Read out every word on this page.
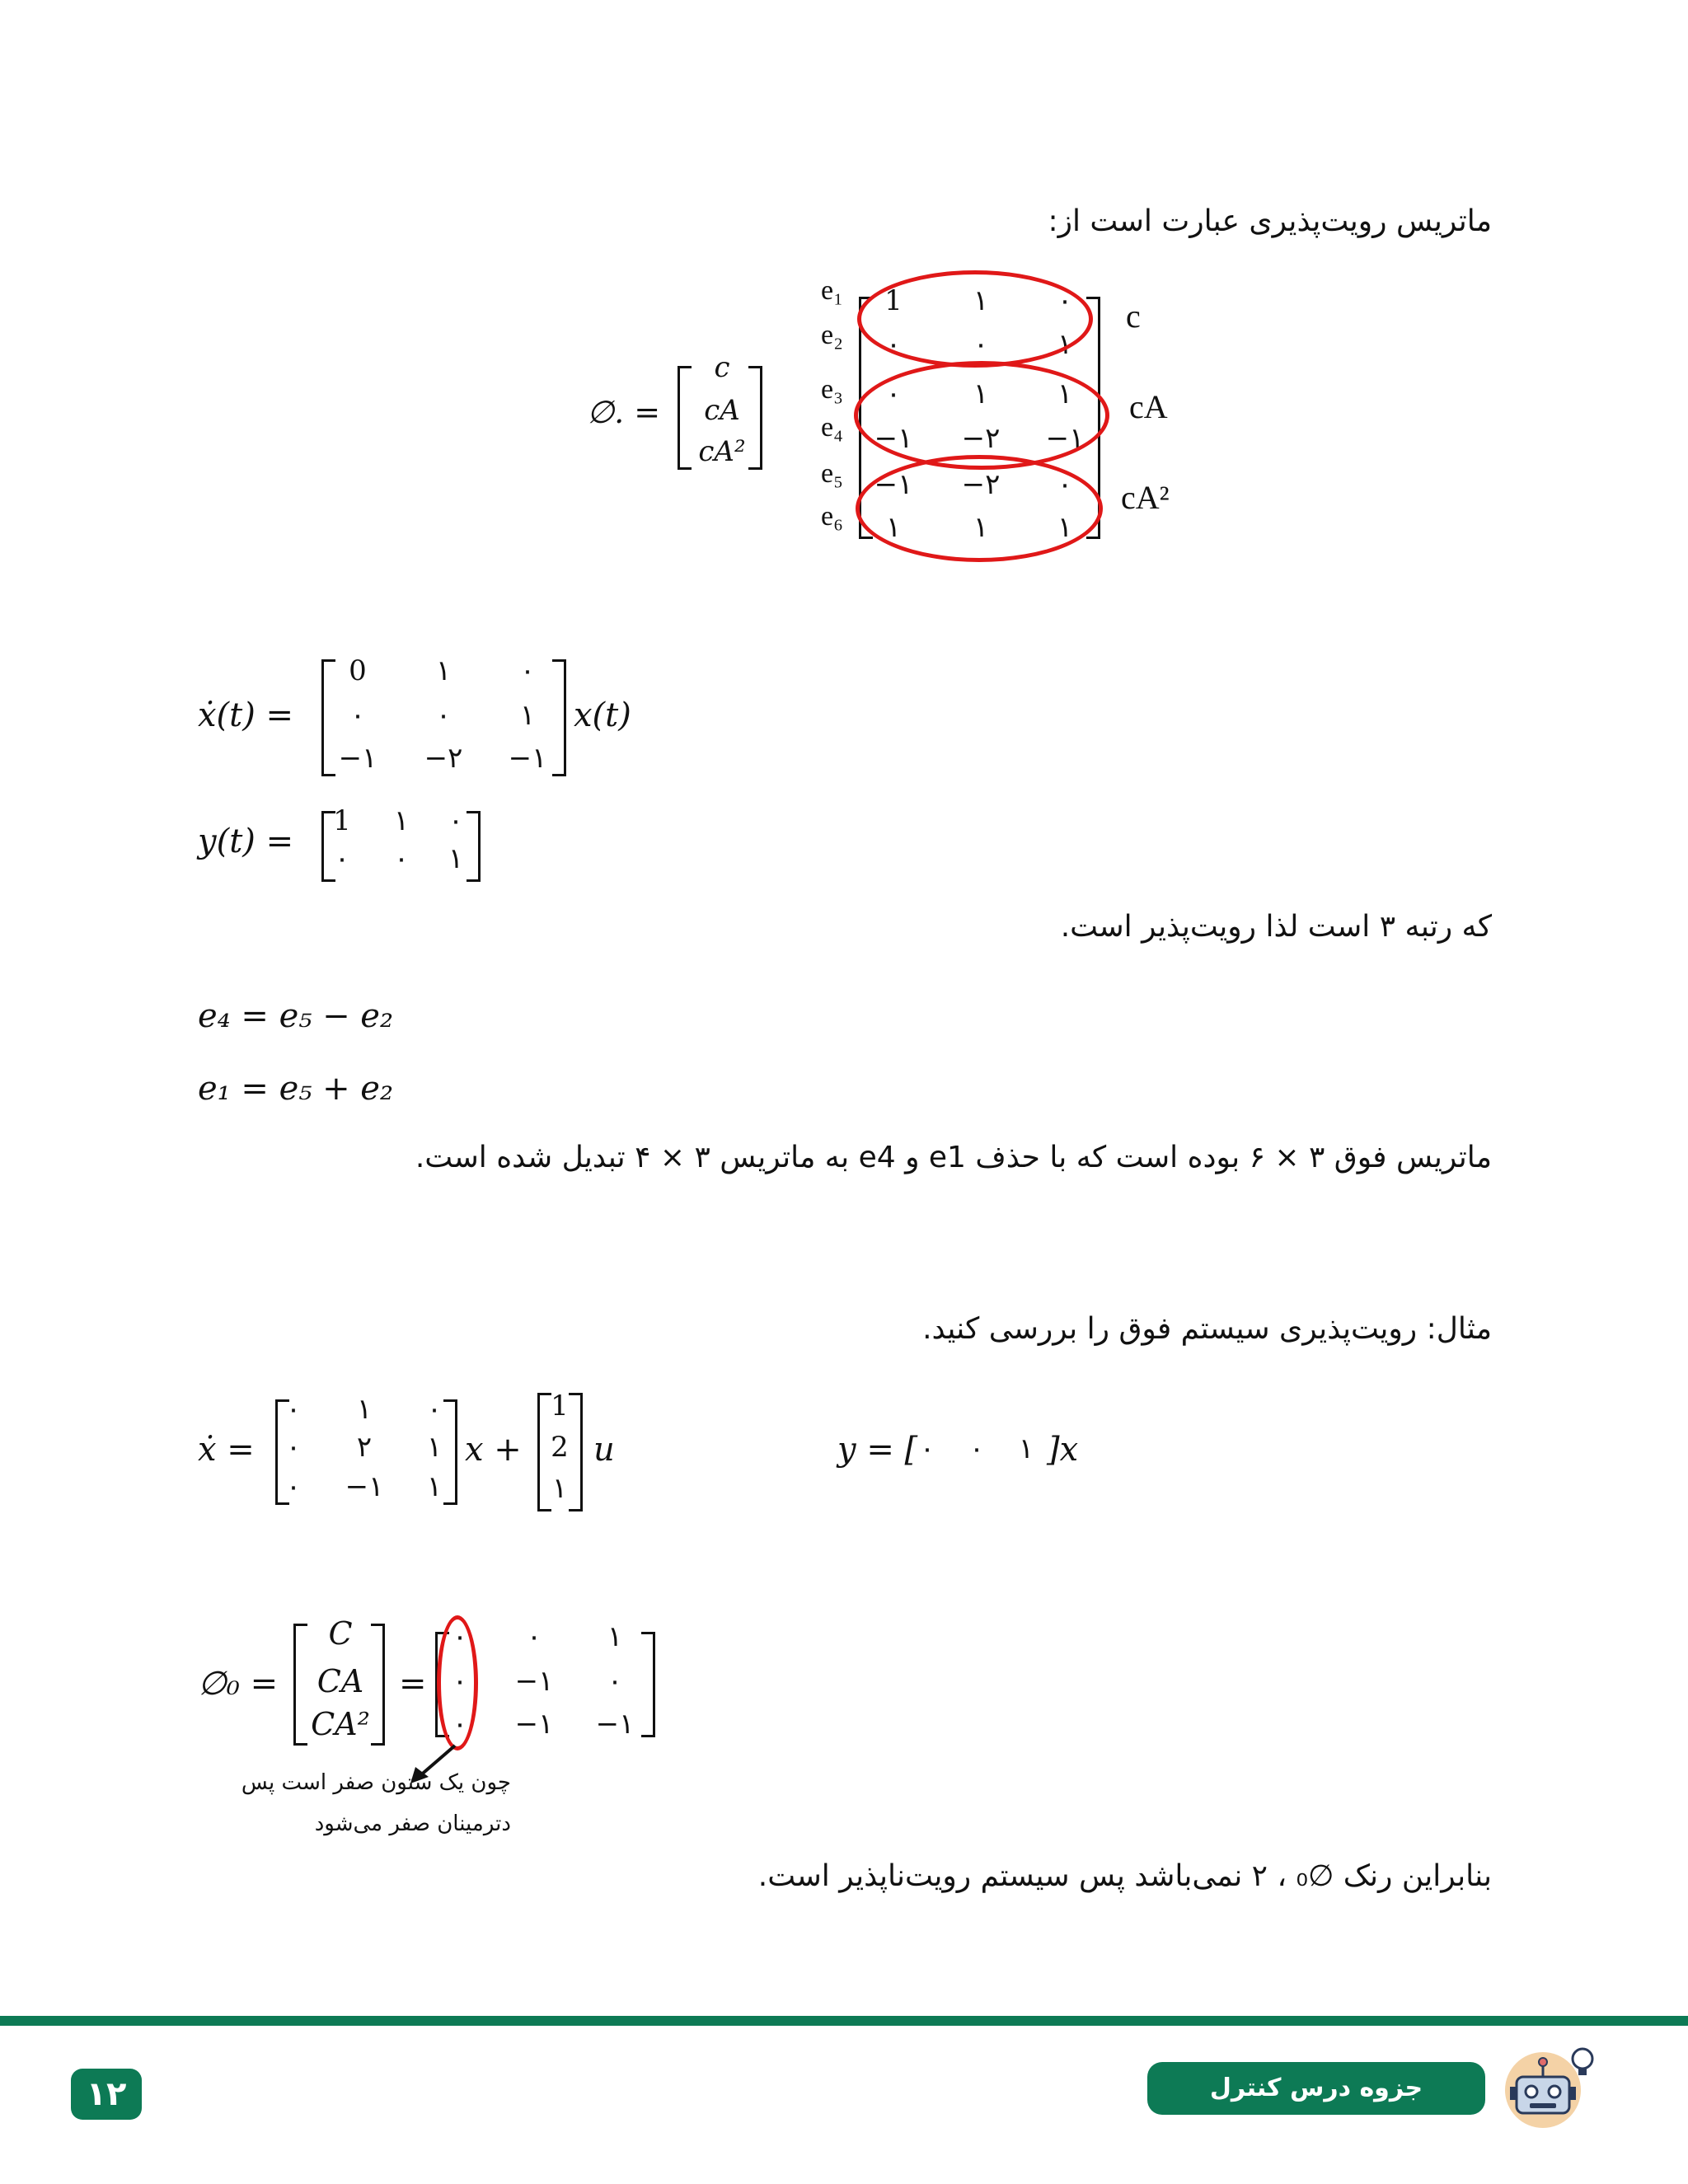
ماتریس رویت‌پذیری عبارت است از:
∅. =
c
cA
cA²
e₁
e₂
e₃
e₄
e₅
e₆
1	۱	۰
۰	۰	۱
۰	۱	۱
−۱ −۲ −۱
−۱ −۲	۰
۱	۱	۱
c
cA
cA²
ẋ(t) =
0	۱	۰
۰	۰	۱
−۱ −۲ −۱
x(t)
y(t) =
1	۱	۰
۰	۰	۱
که رتبه ۳ است لذا رویت‌پذیر است.
e₄ = e₅ − e₂
e₁ = e₅ + e₂
ماتریس فوق ۳ × ۶ بوده است که با حذف e1 و e4 به ماتریس ۳ × ۴ تبدیل شده است.
مثال: رویت‌پذیری سیستم فوق را بررسی کنید.
ẋ =
۰	۱	۰
۰	۲	۱
۰	−۱	۱
x +
1
2
۱
u	y = [ ۰	۰	۱ ]x
∅₀ =
C
CA
CA²
=
۰	۰	۱
۰	−۱	۰
۰	−۱ −۱
چون یک ستون صفر است پس
دترمینان صفر می‌شود
بنابراین رنک ∅₀ ، ۲ نمی‌باشد پس سیستم رویت‌ناپذیر است.
۱۲	جزوه درس کنترل
